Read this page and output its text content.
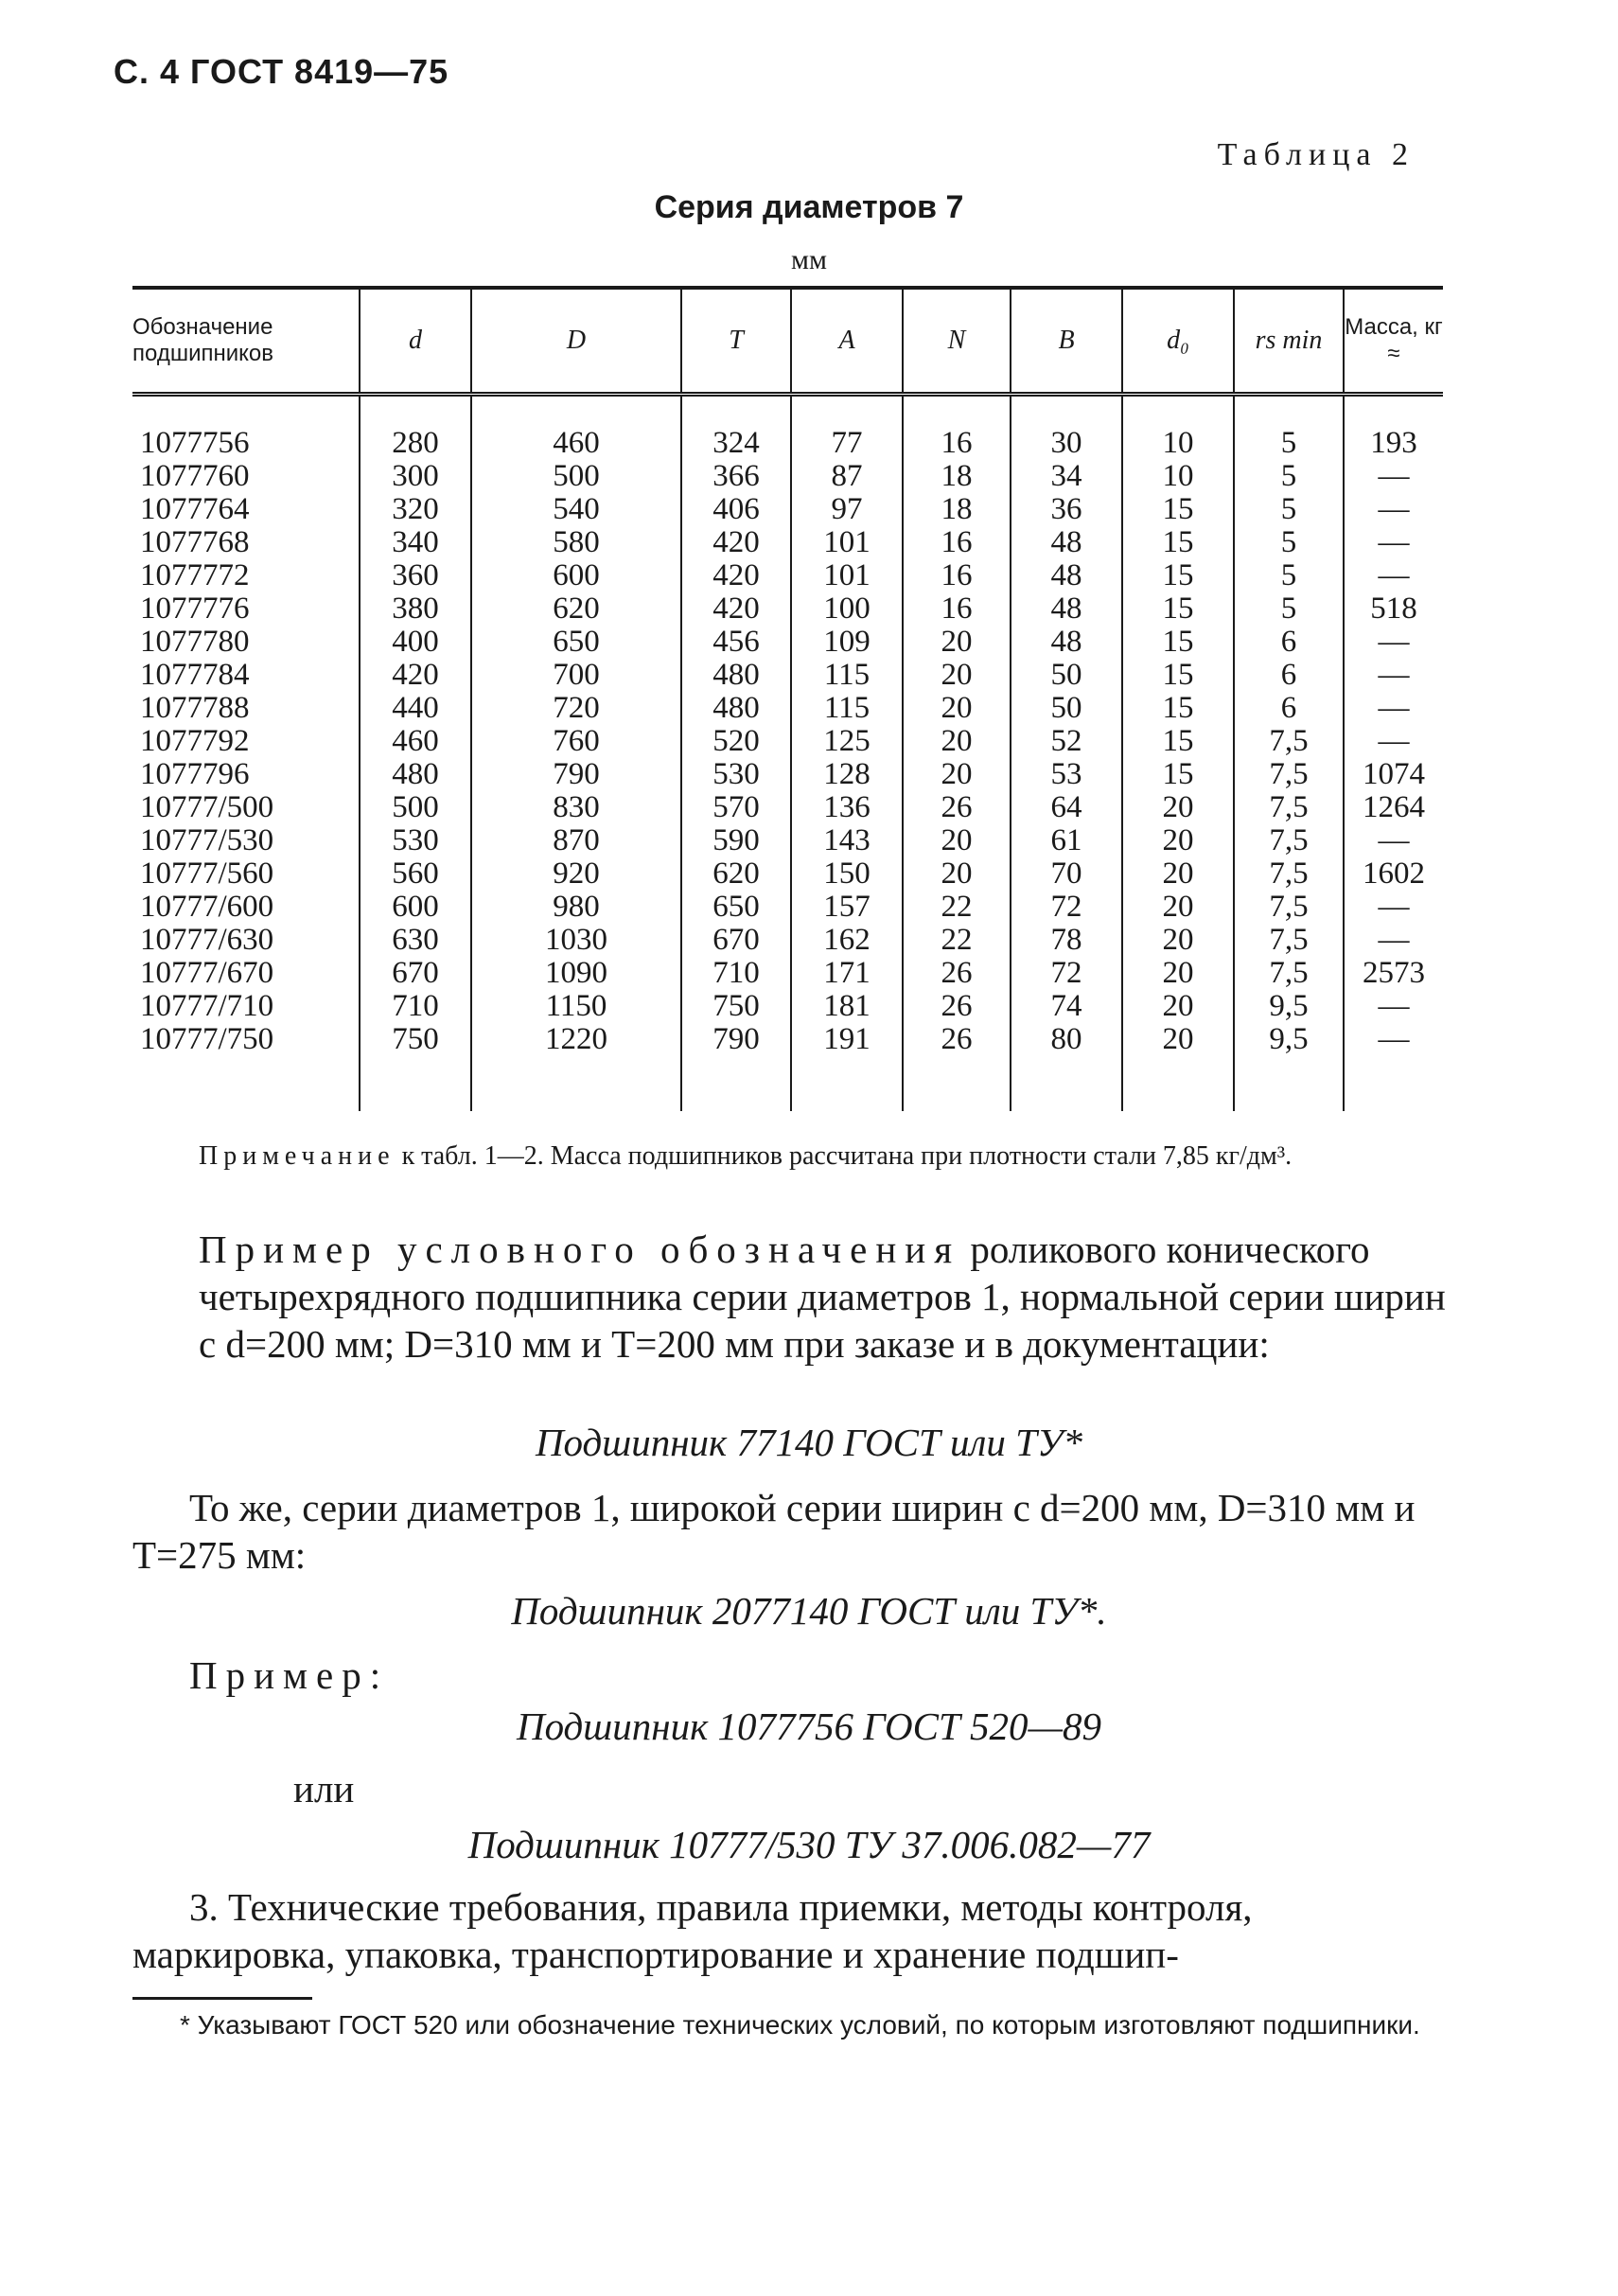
С. 4 ГОСТ 8419—75
Таблица 2
Серия диаметров 7
мм
Обозначение подшипников	d	D	T	A	N	B	d₀	rs min	Масса, кг ≈
1077756	280	460	324	77	16	30	10	5	193
1077760	300	500	366	87	18	34	10	5	—
1077764	320	540	406	97	18	36	15	5	—
1077768	340	580	420	101	16	48	15	5	—
1077772	360	600	420	101	16	48	15	5	—
1077776	380	620	420	100	16	48	15	5	518
1077780	400	650	456	109	20	48	15	6	—
1077784	420	700	480	115	20	50	15	6	—
1077788	440	720	480	115	20	50	15	6	—
1077792	460	760	520	125	20	52	15	7,5	—
1077796	480	790	530	128	20	53	15	7,5	1074
10777/500	500	830	570	136	26	64	20	7,5	1264
10777/530	530	870	590	143	20	61	20	7,5	—
10777/560	560	920	620	150	20	70	20	7,5	1602
10777/600	600	980	650	157	22	72	20	7,5	—
10777/630	630	1030	670	162	22	78	20	7,5	—
10777/670	670	1090	710	171	26	72	20	7,5	2573
10777/710	710	1150	750	181	26	74	20	9,5	—
10777/750	750	1220	790	191	26	80	20	9,5	—

Примечание к табл. 1—2. Масса подшипников рассчитана при плотности стали 7,85 кг/дм³.
Пример условного обозначения роликового конического четырехрядного подшипника серии диаметров 1, нормальной серии ширин с d=200 мм; D=310 мм и T=200 мм при заказе и в документации:
Подшипник 77140 ГОСТ или ТУ*
То же, серии диаметров 1, широкой серии ширин с d=200 мм, D=310 мм и T=275 мм:
Подшипник 2077140 ГОСТ или ТУ*.
Пример:
Подшипник 1077756 ГОСТ 520—89
или
Подшипник 10777/530 ТУ 37.006.082—77
3. Технические требования, правила приемки, методы контроля, маркировка, упаковка, транспортирование и хранение подшип-
* Указывают ГОСТ 520 или обозначение технических условий, по которым изготовляют подшипники.
